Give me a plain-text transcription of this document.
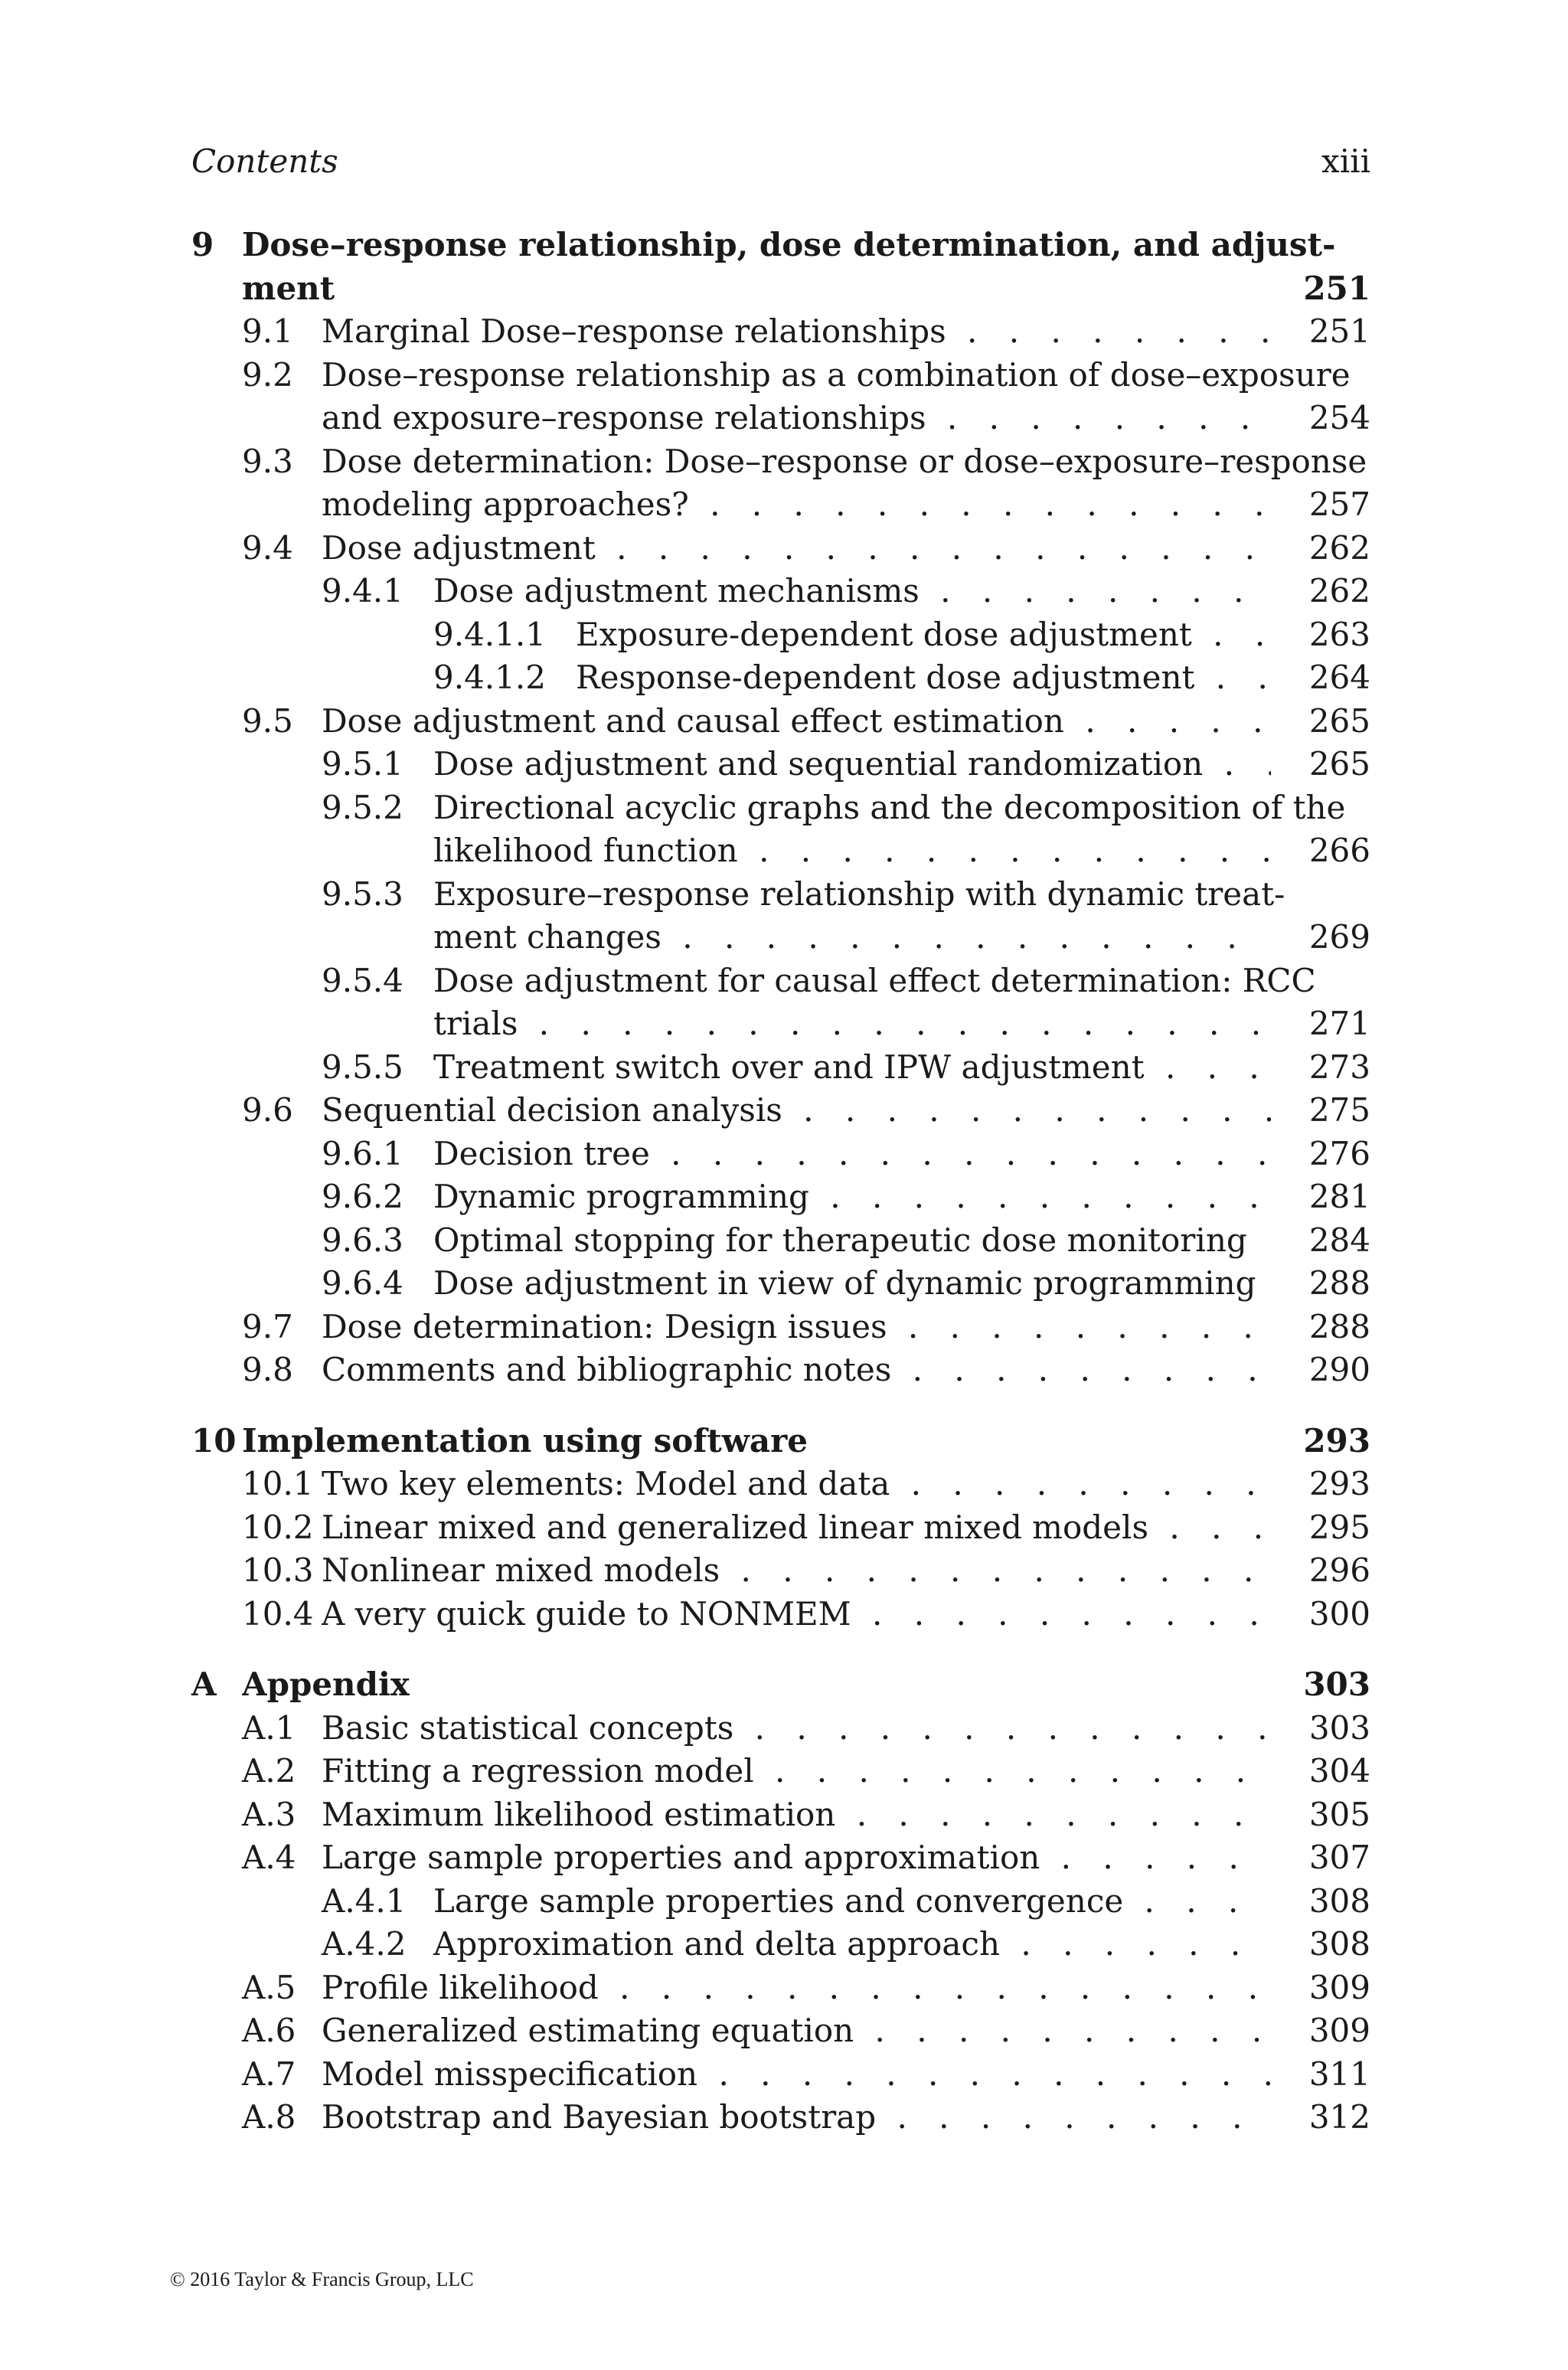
Contents	xiii
9 Dose–response relationship, dose determination, and adjust-
ment	251
9.1 Marginal Dose–response relationships . . .	251
9.2 Dose–response relationship as a combination of dose–exposure
and exposure–response relationships . . .	254
9.3 Dose determination: Dose–response or dose–exposure–response
modeling approaches? . . .	257
9.4 Dose adjustment . . .	262
9.4.1 Dose adjustment mechanisms . . .	262
9.4.1.1 Exposure-dependent dose adjustment . . .	263
9.4.1.2 Response-dependent dose adjustment . . .	264
9.5 Dose adjustment and causal effect estimation . . .	265
9.5.1 Dose adjustment and sequential randomization . . .	265
9.5.2 Directional acyclic graphs and the decomposition of the
likelihood function . . .	266
9.5.3 Exposure–response relationship with dynamic treat-
ment changes . . .	269
9.5.4 Dose adjustment for causal effect determination: RCC
trials . . .	271
9.5.5 Treatment switch over and IPW adjustment . . .	273
9.6 Sequential decision analysis . . .	275
9.6.1 Decision tree . . .	276
9.6.2 Dynamic programming . . .	281
9.6.3 Optimal stopping for therapeutic dose monitoring . . .	284
9.6.4 Dose adjustment in view of dynamic programming . . .	288
9.7 Dose determination: Design issues . . .	288
9.8 Comments and bibliographic notes . . .	290
10 Implementation using software	293
10.1 Two key elements: Model and data . . .	293
10.2 Linear mixed and generalized linear mixed models . . .	295
10.3 Nonlinear mixed models . . .	296
10.4 A very quick guide to NONMEM . . .	300
A Appendix	303
A.1 Basic statistical concepts . . .	303
A.2 Fitting a regression model . . .	304
A.3 Maximum likelihood estimation . . .	305
A.4 Large sample properties and approximation . . .	307
A.4.1 Large sample properties and convergence . . .	308
A.4.2 Approximation and delta approach . . .	308
A.5 Profile likelihood . . .	309
A.6 Generalized estimating equation . . .	309
A.7 Model misspecification . . .	311
A.8 Bootstrap and Bayesian bootstrap . . .	312
© 2016 Taylor & Francis Group, LLC
